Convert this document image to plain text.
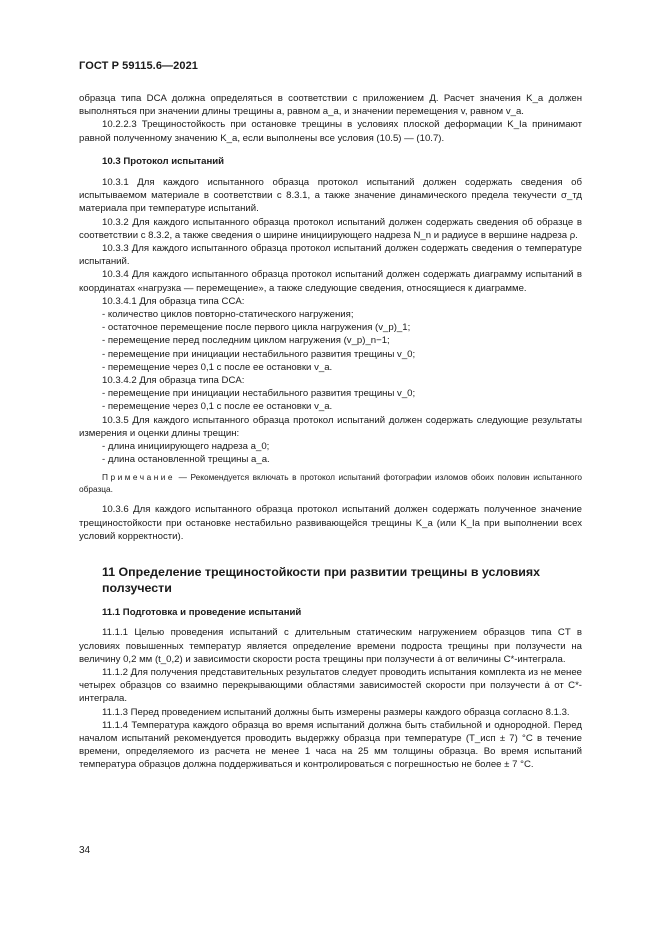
ГОСТ Р 59115.6—2021

образца типа DCA должна определяться в соответствии с приложением Д. Расчет значения K_a должен выполняться при значении длины трещины a, равном a_a, и значении перемещения v, равном v_a.

10.2.2.3 Трещиностойкость при остановке трещины в условиях плоской деформации K_Ia принимают равной полученному значению K_a, если выполнены все условия (10.5) — (10.7).

10.3 Протокол испытаний

10.3.1 Для каждого испытанного образца протокол испытаний должен содержать сведения об испытываемом материале в соответствии с 8.3.1, а также значение динамического предела текучести σ_тд материала при температуре испытаний.

10.3.2 Для каждого испытанного образца протокол испытаний должен содержать сведения об образце в соответствии с 8.3.2, а также сведения о ширине инициирующего надреза N_n и радиусе в вершине надреза ρ.

10.3.3 Для каждого испытанного образца протокол испытаний должен содержать сведения о температуре испытаний.

10.3.4 Для каждого испытанного образца протокол испытаний должен содержать диаграмму испытаний в координатах «нагрузка — перемещение», а также следующие сведения, относящиеся к диаграмме.

10.3.4.1 Для образца типа CCA:

- количество циклов повторно-статического нагружения;

- остаточное перемещение после первого цикла нагружения (v_p)_1;

- перемещение перед последним циклом нагружения (v_p)_n−1;

- перемещение при инициации нестабильного развития трещины v_0;

- перемещение через 0,1 с после ее остановки v_a.

10.3.4.2 Для образца типа DCA:

- перемещение при инициации нестабильного развития трещины v_0;

- перемещение через 0,1 с после ее остановки v_a.

10.3.5 Для каждого испытанного образца протокол испытаний должен содержать следующие результаты измерения и оценки длины трещин:

- длина инициирующего надреза a_0;

- длина остановленной трещины a_a.

Примечание — Рекомендуется включать в протокол испытаний фотографии изломов обоих половин испытанного образца.

10.3.6 Для каждого испытанного образца протокол испытаний должен содержать полученное значение трещиностойкости при остановке нестабильно развивающейся трещины K_a (или K_Ia при выполнении всех условий корректности).

11 Определение трещиностойкости при развитии трещины в условиях ползучести
11.1 Подготовка и проведение испытаний

11.1.1 Целью проведения испытаний с длительным статическим нагружением образцов типа CT в условиях повышенных температур является определение времени подроста трещины при ползучести на величину 0,2 мм (t_0,2) и зависимости скорости роста трещины при ползучести ȧ от величины C*-интеграла.

11.1.2 Для получения представительных результатов следует проводить испытания комплекта из не менее четырех образцов со взаимно перекрывающими областями зависимостей скорости при ползучести ȧ от C*-интеграла.

11.1.3 Перед проведением испытаний должны быть измерены размеры каждого образца согласно 8.1.3.

11.1.4 Температура каждого образца во время испытаний должна быть стабильной и однородной. Перед началом испытаний рекомендуется проводить выдержку образца при температуре (T_исп ± 7) °C в течение времени, определяемого из расчета не менее 1 часа на 25 мм толщины образца. Во время испытаний температура образцов должна поддерживаться и контролироваться с погрешностью не более ± 7 °C.

34
